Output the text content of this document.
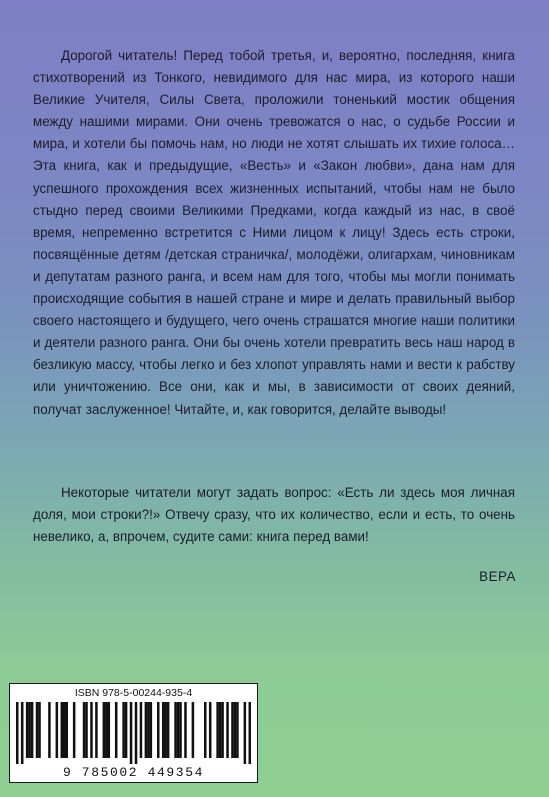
Дорогой читатель! Перед тобой третья, и, вероятно, последняя, книга стихотворений из Тонкого, невидимого для нас мира, из которого наши Великие Учителя, Силы Света, проложили тоненький мостик общения между нашими мирами. Они очень тревожатся о нас, о судьбе России и мира, и хотели бы помочь нам, но люди не хотят слышать их тихие голоса… Эта книга, как и предыдущие, «Весть» и «Закон любви», дана нам для успешного прохождения всех жизненных испытаний, чтобы нам не было стыдно перед своими Великими Предками, когда каждый из нас, в своё время, непременно встретится с Ними лицом к лицу! Здесь есть строки, посвящённые детям /детская страничка/, молодёжи, олигархам, чиновникам и депутатам разного ранга, и всем нам для того, чтобы мы могли понимать происходящие события в нашей стране и мире и делать правильный выбор своего настоящего и будущего, чего очень страшатся многие наши политики и деятели разного ранга. Они бы очень хотели превратить весь наш народ в безликую массу, чтобы легко и без хлопот управлять нами и вести к рабству или уничтожению. Все они, как и мы, в зависимости от своих деяний, получат заслуженное! Читайте, и, как говорится, делайте выводы!
Некоторые читатели могут задать вопрос: «Есть ли здесь моя личная доля, мои строки?!» Отвечу сразу, что их количество, если и есть, то очень невелико, а, впрочем, судите сами: книга перед вами!
ВЕРА
ISBN 978-5-00244-935-4
9 785002 449354
